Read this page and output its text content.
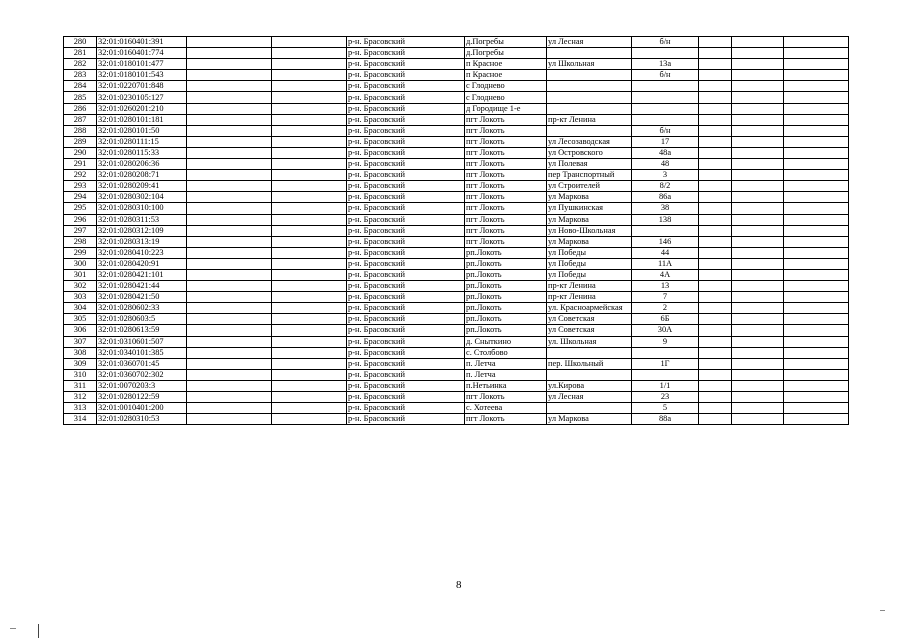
280	32:01:0160401:391			р-н. Брасовский	д.Погребы	ул Лесная	б/н			
281	32:01:0160401:774			р-н. Брасовский	д.Погребы					
282	32:01:0180101:477			р-н. Брасовский	п Красное	ул Школьная	13а			
283	32:01:0180101:543			р-н. Брасовский	п Красное		б/н			
284	32:01:0220701:848			р-н. Брасовский	с Глоднево					
285	32:01:0230105:127			р-н. Брасовский	с Глоднево					
286	32:01:0260201:210			р-н. Брасовский	д Городище 1-е					
287	32:01:0280101:181			р-н. Брасовский	пгт Локоть	пр-кт Ленина				
288	32:01:0280101:50			р-н. Брасовский	пгт Локоть		б/н			
289	32:01:0280111:15			р-н. Брасовский	пгт Локоть	ул Лесозаводская	17			
290	32:01:0280115:33			р-н. Брасовский	пгт Локоть	ул Островского	48а			
291	32:01:0280206:36			р-н. Брасовский	пгт Локоть	ул Полевая	48			
292	32:01:0280208:71			р-н. Брасовский	пгт Локоть	пер Транспортный	3			
293	32:01:0280209:41			р-н. Брасовский	пгт Локоть	ул Строителей	8/2			
294	32:01:0280302:104			р-н. Брасовский	пгт Локоть	ул Маркова	86а			
295	32:01:0280310:100			р-н. Брасовский	пгт Локоть	ул Пушкинская	38			
296	32:01:0280311:53			р-н. Брасовский	пгт Локоть	ул Маркова	138			
297	32:01:0280312:109			р-н. Брасовский	пгт Локоть	ул Ново-Школьная				
298	32:01:0280313:19			р-н. Брасовский	пгт Локоть	ул Маркова	146			
299	32:01:0280410:223			р-н. Брасовский	рп.Локоть	ул Победы	44			
300	32:01:0280420:91			р-н. Брасовский	рп.Локоть	ул Победы	11А			
301	32:01:0280421:101			р-н. Брасовский	рп.Локоть	ул Победы	4А			
302	32:01:0280421:44			р-н. Брасовский	рп.Локоть	пр-кт Ленина	13			
303	32:01:0280421:50			р-н. Брасовский	рп.Локоть	пр-кт Ленина	7			
304	32:01:0280602:33			р-н. Брасовский	рп.Локоть	ул. Красноармейская	2			
305	32:01:0280603:5			р-н. Брасовский	рп.Локоть	ул Советская	6Б			
306	32:01:0280613:59			р-н. Брасовский	рп.Локоть	ул Советская	30А			
307	32:01:0310601:507			р-н. Брасовский	д. Сныткино	ул. Школьная	9			
308	32:01:0340101:385			р-н. Брасовский	с. Столбово					
309	32:01:0360701:45			р-н. Брасовский	п. Летча	пер. Школьный	1Г			
310	32:01:0360702:302			р-н. Брасовский	п. Летча					
311	32:01:0070203:3			р-н. Брасовский	п.Нетьинка	ул.Кирова	1/1			
312	32:01:0280122:59			р-н. Брасовский	пгт Локоть	ул Лесная	23			
313	32:01:0010401:200			р-н. Брасовский	с. Хотеева		5			
314	32:01:0280310:53			р-н. Брасовский	пгт Локоть	ул Маркова	88а			
8
